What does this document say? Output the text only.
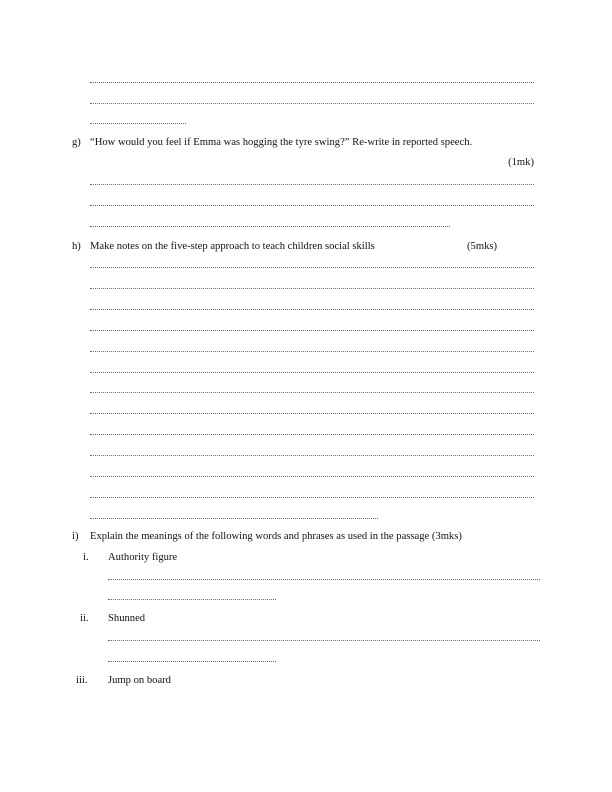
g) “How would you feel if Emma was hogging the tyre swing?” Re-write in reported speech.
(1mk)
h) Make notes on the five-step approach to teach children social skills	(5mks)
i) Explain the meanings of the following words and phrases as used in the passage (3mks)
i. Authority figure
ii. Shunned
iii. Jump on board
